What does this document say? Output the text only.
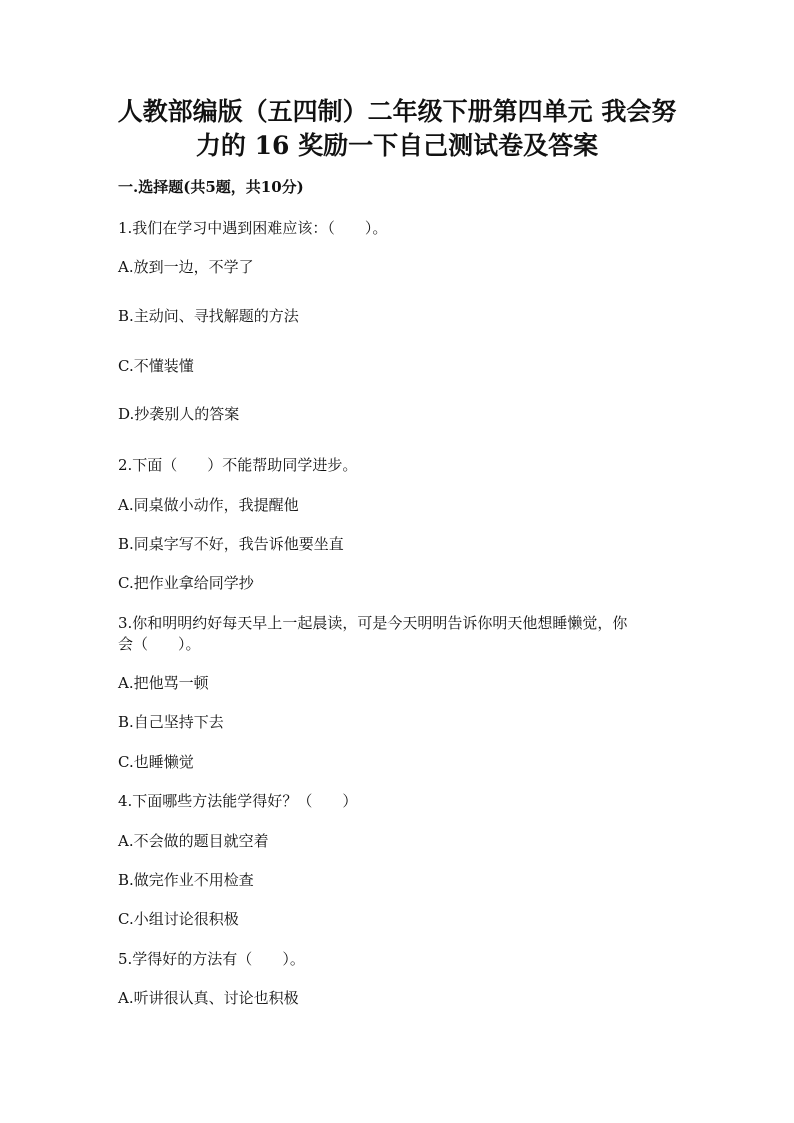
人教部编版（五四制）二年级下册第四单元 我会努
力的 16 奖励一下自己测试卷及答案
一.选择题(共5题，共10分)
1.我们在学习中遇到困难应该：（　　）。
A.放到一边，不学了
B.主动问、寻找解题的方法
C.不懂装懂
D.抄袭别人的答案
2.下面（　　）不能帮助同学进步。
A.同桌做小动作，我提醒他
B.同桌字写不好，我告诉他要坐直
C.把作业拿给同学抄
3.你和明明约好每天早上一起晨读，可是今天明明告诉你明天他想睡懒觉，你
会（　　）。
A.把他骂一顿
B.自己坚持下去
C.也睡懒觉
4.下面哪些方法能学得好？（　　）
A.不会做的题目就空着
B.做完作业不用检查
C.小组讨论很积极
5.学得好的方法有（　　）。
A.听讲很认真、讨论也积极
